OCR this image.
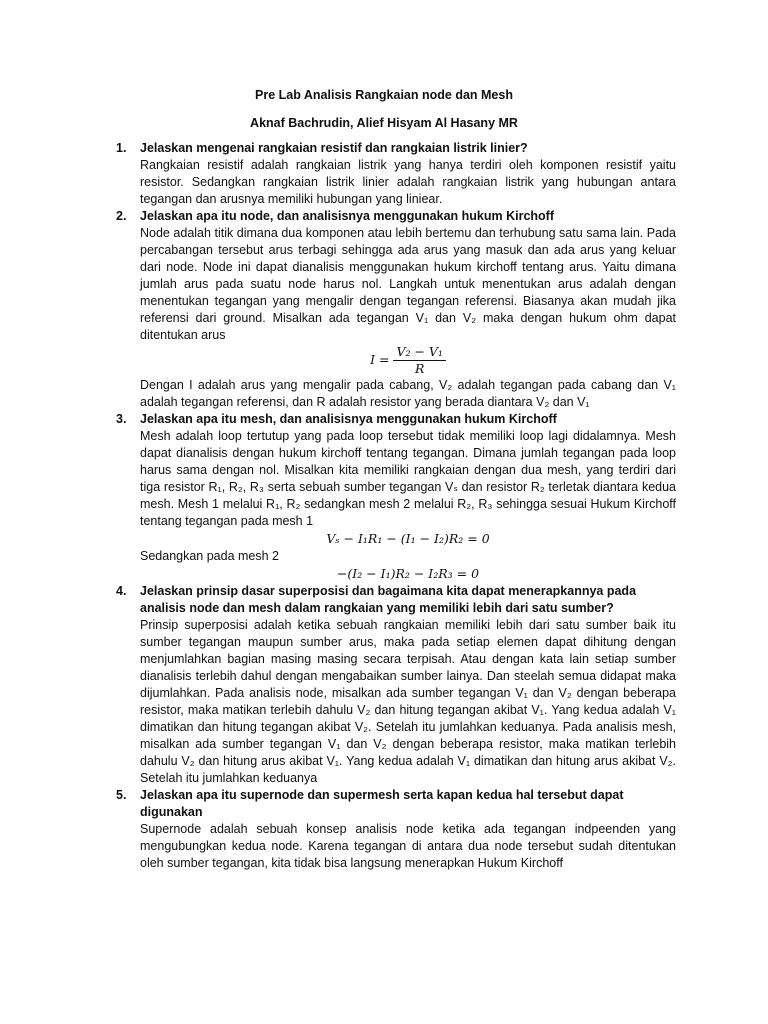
Pre Lab Analisis Rangkaian node dan Mesh
Aknaf Bachrudin, Alief Hisyam Al Hasany MR
1. Jelaskan mengenai rangkaian resistif dan rangkaian listrik linier?

Rangkaian resistif adalah rangkaian listrik yang hanya terdiri oleh komponen resistif yaitu resistor. Sedangkan rangkaian listrik linier adalah rangkaian listrik yang hubungan antara tegangan dan arusnya memiliki hubungan yang liniear.

2. Jelaskan apa itu node, dan analisisnya menggunakan hukum Kirchoff

Node adalah titik dimana dua komponen atau lebih bertemu dan terhubung satu sama lain. Pada percabangan tersebut arus terbagi sehingga ada arus yang masuk dan ada arus yang keluar dari node. Node ini dapat dianalisis menggunakan hukum kirchoff tentang arus. Yaitu dimana jumlah arus pada suatu node harus nol. Langkah untuk menentukan arus adalah dengan menentukan tegangan yang mengalir dengan tegangan referensi. Biasanya akan mudah jika referensi dari ground. Misalkan ada tegangan V₁ dan V₂ maka dengan hukum ohm dapat ditentukan arus

$I = \frac{\text{V₂ − V₁}}{R}$

Dengan I adalah arus yang mengalir pada cabang, V₂ adalah tegangan pada cabang dan V₁ adalah tegangan referensi, dan R adalah resistor yang berada diantara V₂ dan V₁

3. Jelaskan apa itu mesh, dan analisisnya menggunakan hukum Kirchoff

Mesh adalah loop tertutup yang pada loop tersebut tidak memiliki loop lagi didalamnya. Mesh dapat dianalisis dengan hukum kirchoff tentang tegangan. Dimana jumlah tegangan pada loop harus sama dengan nol. Misalkan kita memiliki rangkaian dengan dua mesh, yang terdiri dari tiga resistor R₁, R₂, R₃ serta sebuah sumber tegangan Vₛ dan resistor R₂ terletak diantara kedua mesh. Mesh 1 melalui R₁, R₂ sedangkan mesh 2 melalui R₂, R₃ sehingga sesuai Hukum Kirchoff tentang tegangan pada mesh 1

Vₛ − I₁R₁ − (I₁ − I₂)R₂ = 0

Sedangkan pada mesh 2

−(I₂ − I₁)R₂ − I₂R₃ = 0

4. Jelaskan prinsip dasar superposisi dan bagaimana kita dapat menerapkannya pada analisis node dan mesh dalam rangkaian yang memiliki lebih dari satu sumber?

Prinsip superposisi adalah ketika sebuah rangkaian memiliki lebih dari satu sumber baik itu sumber tegangan maupun sumber arus, maka pada setiap elemen dapat dihitung dengan menjumlahkan bagian masing masing secara terpisah. Atau dengan kata lain setiap sumber dianalisis terlebih dahul dengan mengabaikan sumber lainya. Dan steelah semua didapat maka dijumlahkan. Pada analisis node, misalkan ada sumber tegangan V₁ dan V₂ dengan beberapa resistor, maka matikan terlebih dahulu V₂ dan hitung tegangan akibat V₁. Yang kedua adalah V₁ dimatikan dan hitung tegangan akibat V₂. Setelah itu jumlahkan keduanya. Pada analisis mesh, misalkan ada sumber tegangan V₁ dan V₂ dengan beberapa resistor, maka matikan terlebih dahulu V₂ dan hitung arus akibat V₁. Yang kedua adalah V₁ dimatikan dan hitung arus akibat V₂. Setelah itu jumlahkan keduanya

5. Jelaskan apa itu supernode dan supermesh serta kapan kedua hal tersebut dapat digunakan

Supernode adalah sebuah konsep analisis node ketika ada tegangan indpeenden yang mengubungkan kedua node. Karena tegangan di antara dua node tersebut sudah ditentukan oleh sumber tegangan, kita tidak bisa langsung menerapkan Hukum Kirchoff
